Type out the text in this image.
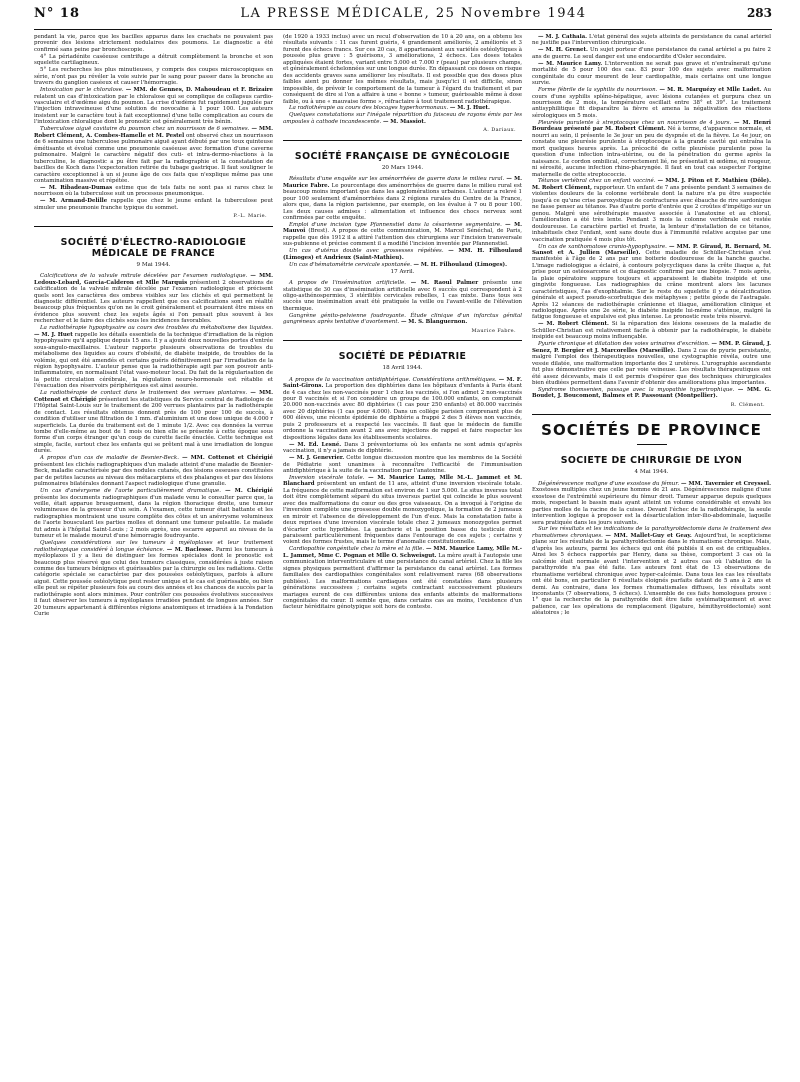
N° 18	LA PRESSE MÉDICALE, 25 Novembre 1944	283

pendant la vie, parce que les bacilles apparus dans les crachats ne pouvaient pas provenir des lésions strictement nodulaires des poumons. Le diagnostic a été confirmé sans peine par bronchoscopie.

4° La périadénite caséeuse centrifuge a détruit complètement la bronche et son squelette cartilagineux.

5° Les recherches les plus minutieuses, y compris des coupes microscopiques en série, n'ont pas pu révéler la voie suivie par le sang pour passer dans la bronche au travers du ganglion caséeux et causer l'hémorragie.

Intoxication par le chloralose. — MM. de Gennes, D. Mahoudeau et F. Brizaire relatent un cas d'intoxication par le chloralose qui se complique de collapsus cardio-vasculaire et d'œdème aigu du poumon. La crise d'œdème fut rapidement jugulée par l'injection intraveineuse d'une solution de novocaïne à 1 pour 100. Les auteurs insistent sur le caractère tout à fait exceptionnel d'une telle complication au cours de l'intoxication chloralique dont le pronostic est généralement très bénin.

Tuberculose aiguë cavitaire du poumon chez un nourrisson de 6 semaines. — MM. Robert Clément, A. Combes-Hamelle et M. Pestel ont observé chez un nourrisson de 6 semaines une tuberculose pulmonaire aiguë ayant débuté par une toux quinteuse émétisante et évolué comme une pneumonie caséeuse avec formation d'une caverne pulmonaire. Malgré le caractère négatif des cuti- et intra-dermo-réactions à la tuberculine, le diagnostic a pu être fait par la radiographie et la constatation de bacilles de Koch dans l'expectoration retirée du tubage gastrique. Il faut souligner le caractère exceptionnel à un si jeune âge de ces faits que n'explique même pas une contamination massive et répétée.

— M. Ribadeau-Dumas estime que de tels faits ne sont pas si rares chez le nourrisson où la tuberculose suit un processus pneumonique.

— M. Armand-Delille rappelle que chez le jeune enfant la tuberculose peut simuler une pneumonie franche typique du sommet.

P.-L. Marie.
SOCIÉTÉ D'ÉLECTRO-RADIOLOGIE MÉDICALE DE FRANCE
9 Mai 1944.

Calcifications de la valvule mitrale décelées par l'examen radiologique. — MM. Ledoux-Lebard, Garcia-Calderon et Mlle Marquis présentent 2 observations de calcification de la valvule mitrale décelée par l'examen radiologique et précisent quels sont les caractères des ombres visibles sur les clichés et qui permettent le diagnostic différentiel. Les auteurs rappellent que ces calcifications sont en réalité beaucoup plus fréquentes qu'on ne le croit généralement et pourraient être mises en évidence plus souvent chez les sujets âgés si l'on pensait plus souvent à les rechercher et le faire des clichés sous les incidences favorables.

La radiothérapie hypophysaire au cours des troubles du métabolisme des liquides. — M. J. Huet rappelle les détails essentiels de la technique d'irradiation de la région hypophysaire qu'il applique depuis 15 ans. Il y a ajouté deux nouvelles portes d'entrée sous-angulo-maxillaires. L'auteur rapporte plusieurs observations de troubles du métabolisme des liquides au cours d'obésité, de diabète insipide, de troubles de la volémie, qui ont été amendés et certains guéris définitivement par l'irradiation de la région hypophysaire. L'auteur pense que la radiothérapie agit par son pouvoir anti-inflammatoire, en normalisant l'état vaso-moteur local. Du fait de la régularisation de la petite circulation cérébrale, la régulation neuro-hormonale est rétablie et l'évacuation des réservoirs périphériques est ainsi assurée.

La radiothérapie de contact dans le traitement des verrues plantaires. — MM. Cottenot et Chérigié présentent les statistiques du Service central de Radiologie de l'Hôpital Saint-Louis sur le traitement de 200 verrues plantaires par la radiothérapie de contact. Les résultats obtenus donnent près de 100 pour 100 de succès, à condition d'utiliser une filtration de 1 mm. d'aluminium et une dose unique de 4.000 r superficiels. La durée du traitement est de 1 minute 1/2. Avec ces données la verrue tombe d'elle-même au bout de 1 mois ou bien elle se présente à cette époque sous forme d'un corps étranger qu'un coup de curette facile énuclée. Cette technique est simple, facile, surtout chez les enfants qui se prêtent mal à une irradiation de longue durée.

A propos d'un cas de maladie de Besnier-Beck. — MM. Cottenot et Chérigié présentent les clichés radiographiques d'un malade atteint d'une maladie de Besnier-Beck, maladie caractérisée par des nodules cutanés, des lésions osseuses constituées par de petites lacunes au niveau des métacarpiens et des phalanges et par des lésions pulmonaires bilatérales donnant l'aspect radiologique d'une granulie.

Un cas d'anévrysme de l'aorte particulièrement dramatique. — M. Chérigié présente les documents radiographiques d'un malade venu le consulter parce que, la veille, était apparue brusquement, dans la région thoracique droite, une tumeur volumineuse de la grosseur d'un sein. A l'examen, cette tumeur était battante et les radiographies montraient une usure complète des côtes et un anévrysme volumineux de l'aorte bousculant les parties molles et donnant une tumeur pulsatile. Le malade fut admis à l'hôpital Saint-Louis ; 2 mois après, une escarre apparut au niveau de la tumeur et le malade mourut d'une hémorragie foudroyante.

Quelques considérations sur les tumeurs à myéloplaxes et leur traitement radiothérapique considéré à longue échéance. — M. Baclesse. Parmi les tumeurs à myéloplaxes il y a lieu de distinguer les formes spéciales dont le pronostic est beaucoup plus réservé que celui des tumeurs classiques, considérées à juste raison comme des tumeurs bénignes et guérissables par la chirurgie ou les radiations. Cette catégorie spéciale se caractérise par des poussées ostéolytiques, parfois à allure aiguë. Cette poussée ostéolytique peut rester unique et le cas est guérissable, ou bien elle peut se répéter plusieurs fois au cours des années et les chances de succès par la radiothérapie sont alors minimes. Pour contrôler ces poussées évolutives successives il faut observer les tumeurs à myéloplaxes irradiées pendant de longues années. Sur 20 tumeurs appartenant à différentes régions anatomiques et irradiées à la Fondation Curie

(de 1920 à 1933 inclus) avec un recul d'observation de 10 à 20 ans, on a obtenu les résultats suivants : 11 cas furent guéris, 4 grandement améliorés, 2 améliorés et 3 furent des échecs francs. Sur ces 20 cas, 8 appartenaient aux variétés ostéolytiques à poussée plus grave : 5 guérisons, 3 améliorations, 2 échecs. Les doses totales appliquées étaient fortes, variant entre 5.000 et 7.000 r (peau) par plusieurs champs, et généralement échelonnées sur une longue durée. En dépassant ces doses on risque des accidents graves sans améliorer les résultats. Il est possible que des doses plus faibles aient pu donner les mêmes résultats, mais jusqu'ici il est difficile, sinon impossible, de prévoir le comportement de la tumeur à l'égard du traitement et par conséquent de dire si l'on a affaire à une « bonne » tumeur, guérissable même à dose faible, ou à une « mauvaise forme », réfractaire à tout traitement radiothérapique.

La radiothérapie au cours des blocages hyperhormonaux. — M. J. Huet.

Quelques constatations sur l'inégale répartition du faisceau de rayons émis par les ampoules à cathode incandescente. — M. Massiot.

A. Dariaux.
SOCIÉTÉ FRANÇAISE DE GYNÉCOLOGIE
20 Mars 1944.

Résultats d'une enquête sur les aménorrhées de guerre dans le milieu rural. — M. Maurice Fabre. Le pourcentage des aménorrhées de guerre dans le milieu rural est beaucoup moins important que dans les agglomérations urbaines. L'auteur a relevé 1 pour 100 seulement d'aménorrhées dans 2 régions rurales du Centre de la France, alors que, dans la région parisienne, par exemple, on les évalue à 7 ou 8 pour 100. Les deux causes admises : alimentation et influence des chocs nerveux sont confirmées par cette enquête.

Emploi d'une incision type Pfannenstiel dans la césarienne segmentaire. — M. Mauvoi (Brest). A propos de cette communication, M. Marcel Sénéchal, de Paris, rappelle que dès 1912 il a attiré l'attention des chirurgiens sur l'incision transversale sus-pubienne et précise comment il a modifié l'incision inventée par Pfannenstiel.

Un cas d'utérus double avec grossesses répétées. — MM. H. Filhoulaud (Limoges) et Andrieux (Saint-Mathieu).

Un cas d'hématométrie cervicale spontanée. — M. H. Filhoulaud (Limoges).

17 Avril.

A propos de l'insémination artificielle. — M. Raoul Palmer présente une statistique de 30 cas d'insémination artificielle avec 6 succès qui correspondent à 2 oligo-asthénospermies, 3 stérilités cervicales rebelles, 1 cas mixte. Dans tous ses succès une insémination avait été pratiquée la veille ou l'avant-veille de l'élévation thermique.

Gangrène génito-pelvienne foudroyante. Étude clinique d'un infarctus génital gangréneux après tentative d'avortement. — M. S. Blanguernon.

Maurice Fabre.
SOCIÉTÉ DE PÉDIATRIE
18 Avril 1944.

A propos de la vaccination antidiphtérique. Considérations arithmétiques. — M. F. Saint-Girons. La proportion des diphtéries dans les hôpitaux d'enfants à Paris étant de 4 cas chez les non-vaccinés pour 1 chez les vaccinés, si l'on admet 2 non-vaccinés pour 8 vaccinés et si l'on considère un groupe de 100.000 enfants, on compterait 20.000 non-vaccinés avec 80 diphtéries (1 cas pour 250 enfants) et 80.000 vaccinés avec 20 diphtéries (1 cas pour 4.000). Dans un collège parisien comprenant plus de 600 élèves, une récente épidémie de diphtérie a frappé 2 des 5 élèves non vaccinés, puis 2 professeurs et a respecté les vaccinés. Il faut que le médecin de famille ordonne la vaccination avant 2 ans avec injections de rappel et faire respecter les dispositions légales dans les établissements scolaires.

— M. Ed. Lesné. Dans 3 préventoriums où les enfants ne sont admis qu'après vaccination, il n'y a jamais de diphtérie.

— M. J. Genevrier. Cette longue discussion montre que les membres de la Société de Pédiatrie sont unanimes à reconnaître l'efficacité de l'immunisation antidiphtérique à la suite de la vaccination par l'anatoxine.

Inversion viscérale totale. — M. Maurice Lamy, Mlle M.-L. Jammet et M. Blanchard présentent un enfant de 11 ans, atteint d'une inversion viscérale totale. La fréquence de cette malformation est environ de 1 sur 5.000. Le situs inversus total doit être complètement séparé du situs inversus partiel qui coïncide le plus souvent avec des malformations du cœur ou des gros vaisseaux. On a invoqué à l'origine de l'inversion complète une grossesse double monozygotique, la formation de 2 jumeaux en miroir et l'absence de développement de l'un d'eux. Mais la constatation faite à deux reprises d'une inversion viscérale totale chez 2 jumeaux monozygotes permet d'écarter cette hypothèse. La gaucherie et la position basse du testicule droit paraissent particulièrement fréquentes dans l'entourage de ces sujets ; certains y voient des formes frustes, mais le terme d'anomalie constitutionnelle.

Cardiopathie congénitale chez la mère et la fille. — MM. Maurice Lamy, Mlle M.-L. Jammet, Mme C. Pognan et Mlle O. Schweisgut. La mère avait à l'autopsie une communication interventriculaire et une persistance du canal artériel. Chez la fille les signes physiques permettent d'affirmer la persistance du canal artériel. Les formes familiales des cardiopathies congénitales sont relativement rares (68 observations publiées). Les malformations cardiaques ont été constatées dans plusieurs générations successives ; certains sujets contractant successivement plusieurs mariages eurent de ces différentes unions des enfants atteints de malformations congénitales du cœur. Il semble que, dans certains cas au moins, l'existence d'un facteur héréditaire génotypique soit hors de conteste.

— M. J. Cathala. L'état général des sujets atteints de persistance du canal artériel ne justifie pas l'intervention chirurgicale.

— M. H. Grenet. Un sujet porteur d'une persistance du canal artériel a pu faire 2 ans de guerre. Le seul danger est une endocardite d'Osler secondaire.

— M. Maurice Lamy. L'intervention ne serait pas grave et n'entraînerait qu'une mortalité de 5 pour 100 des cas. 83 pour 100 des sujets avec malformation congénitale du cœur meurent de leur cardiopathie, mais certains ont une longue survie.

Forme fébrile de la syphilis du nourrisson. — M. R. Marquézy et Mlle Ladet. Au cours d'une syphilis spléno-hépatique, avec lésions cutanées et purpura chez un nourrisson de 2 mois, la température oscillait entre 38° et 39°. Le traitement antisyphilitique fit disparaître la fièvre et amena la négativation des réactions sérologiques en 5 mois.

Pleurésie purulente à streptocoque chez un nourrisson de 4 jours. — M. Henri Bourdeau présenté par M. Robert Clément. Né à terme, d'apparence normale, et nourri au sein, il présente le 3e jour un peu de dyspnée et de la fièvre. Le 4e jour, on constate une pleurésie purulente à streptocoque à la grande cavité qui entraîna la mort quelques heures après. La précocité de cette pleurésie purulente pose la question d'une infection intra-utérine, ou de la pénétration du germe après la naissance. Le cordon ombilical, correctement lié, ne présentait ni œdème, ni rougeur, ni sérosité, aucune infection rhino-pharyngée. Il faut en tout cas suspecter l'origine maternelle de cette streptococcie.

Tétanos vertébral chez un enfant vacciné. — MM. J. Piton et F. Mathieu (Dôle). M. Robert Clément, rapporteur. Un enfant de 7 ans présente pendant 3 semaines de violentes douleurs de la colonne vertébrale dont la nature n'a pu être suspectée jusqu'à ce qu'une crise paroxystique de contractures avec ébauche de rire sardonique ne fasse penser au tétanos. Pas d'autre porte d'entrée que 2 croûtes d'impétigo sur un genou. Malgré une sérothérapie massive associée à l'anatoxine et au chloral, l'amélioration a été très lente. Pendant 3 mois la colonne vertébrale est restée douloureuse. Le caractère partiel et fruste, la lenteur d'installation de ce tétanos, inhabituels chez l'enfant, sont sans doute dus à l'immunité relative acquise par une vaccination pratiquée 4 mois plus tôt.

Un cas de xanthomatose cranio-hypophysaire. — MM. P. Giraud, R. Bernard, M. Sansot et A. Jullien (Marseille). Cette maladie de Schüller-Christian s'est manifestée à l'âge de 2 ans par une boiterie douloureuse de la hanche gauche. L'image radiologique a éclairé, à contours polycycliques dans la crête iliaque a, fut prise pour un ostéosarcome et ce diagnostic confirmé par une biopsie. 7 mois après, la plaie opératoire suppure toujours et apparaissent le diabète insipide et une gingivite fongueuse. Les radiographies du crâne montrent alors les lacunes caractéristiques, l'as d'exophtalmie. Sur le reste du squelette il y a décalcification générale et aspect pseudo-scorbutique des métaphyses ; petite géode de l'astragale. Après 12 séances de radiothérapie crânienne et iliaque, amélioration clinique et radiologique. Après une 2e série, le diabète insipide lui-même s'atténue, malgré la fatigue fongueuse et expulsive est plus intense. Le pronostic reste très réservé.

— M. Robert Clément. Si la réparation des lésions osseuses de la maladie de Schüller-Christian est relativement facile à obtenir par la radiothérapie, le diabète insipide est beaucoup moins influençable.

Pyurie chronique et dilatation des voies urinaires d'excrétion. — MM. P. Giraud, J. Senez, P. Bergier et J. Marcorelles (Marseille). Dans 2 cas de pyurie persistante, malgré l'emploi des thérapeutiques nouvelles, une cystographie révéla, outre une vessie dilatée, une malformation importante des 2 uretères. L'urographie ascendante fut plus démonstrative que celle par voie veineuse. Les résultats thérapeutiques ont été assez décevants, mais il est permis d'espérer que des techniques chirurgicales bien étudiées permettent dans l'avenir d'obtenir des améliorations plus importantes.

Syndrome thomsenien, passage avec la myopathie hypertrophique. — MM. G. Boudet, J. Boucomont, Balmes et P. Passouant (Montpellier).

R. Clément.
SOCIÉTÉS DE PROVINCE
SOCIETE DE CHIRURGIE DE LYON
4 Mai 1944.

Dégénérescence maligne d'une exostose du fémur. — MM. Tavernier et Creyssel. Exostoses multiples chez un jeune homme de 21 ans. Dégénérescence maligne d'une exostose de l'extrémité supérieure du fémur droit. Tumeur apparue depuis quelques mois, respectant le bassin mais ayant atteint un volume considérable et envahi les parties molles de la racine de la cuisse. Devant l'échec de la radiothérapie, la seule intervention logique à proposer est la désarticulation inter-ilio-abdominale, laquelle sera pratiquée dans les jours suivants.

Sur les résultats et les indications de la parathyroïdectomie dans le traitement des rhumatismes chroniques. — MM. Mallet-Guy et Geay. Aujourd'hui, le scepticisme plane sur les résultats de la parathyroïdectomie dans le rhumatisme chronique. Mais, d'après les auteurs, parmi les échecs qui ont été publiés il en est de critiquables. Ainsi les 5 échecs rapportés par Henry, dans sa thèse, comportent 3 cas où la calcémie était normale avant l'intervention et 2 autres cas où l'ablation de la parathyroïde n'a pas été faite. Les auteurs font état de 13 observations de rhumatisme vertébral chronique avec hyper-calcémie. Dans tous les cas les résultats ont été bons, en particulier 6 résultats éloignés parfaits datant de 5 ans à 2 ans et demi. Au contraire, dans les formes rhumatismales diffuses, les résultats sont inconstants (7 observations, 5 échecs). L'ensemble de ces faits homologues prouve : 1° que la recherche de la parathyroïde doit être faite systématiquement et avec patience, car les opérations de remplacement (ligature, hémithyroïdectomie) sont aléatoires ; le
